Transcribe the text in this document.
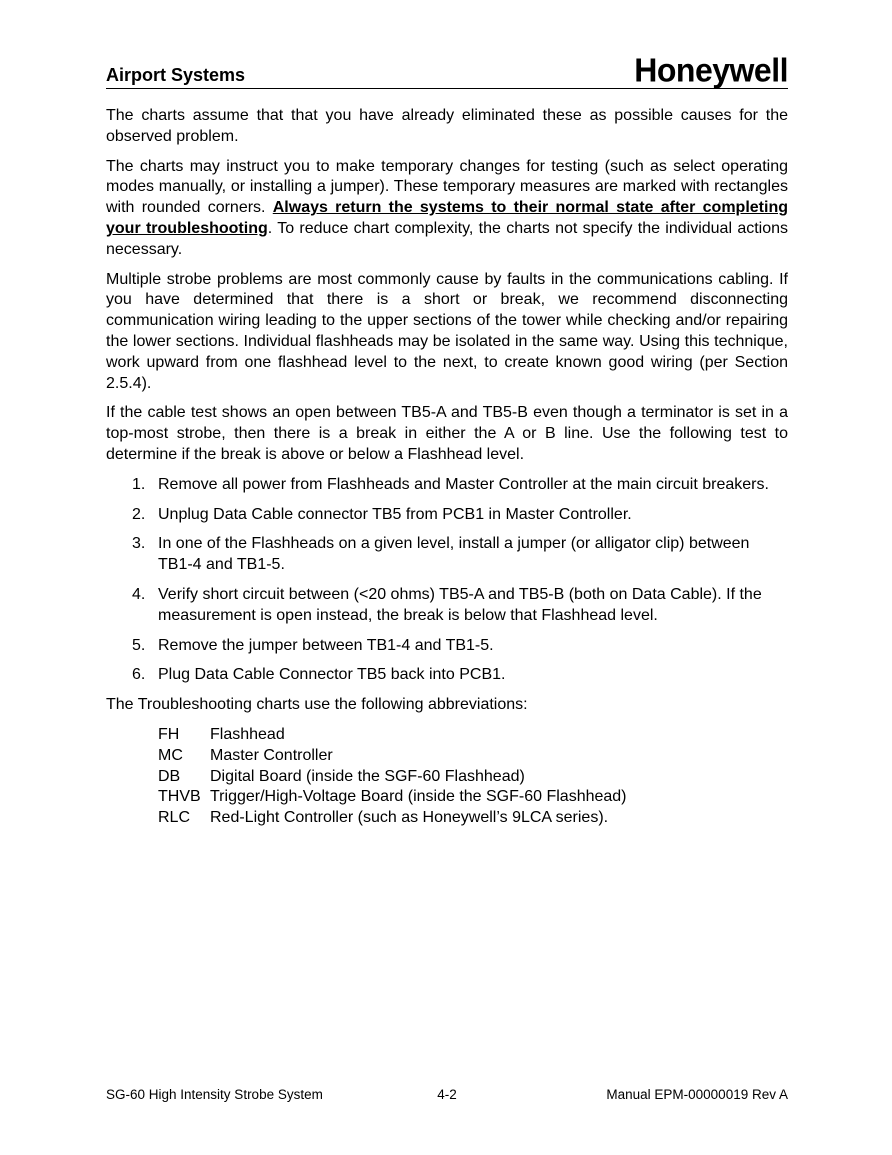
Airport Systems	Honeywell

The charts assume that that you have already eliminated these as possible causes for the observed problem.

The charts may instruct you to make temporary changes for testing (such as select operating modes manually, or installing a jumper). These temporary measures are marked with rectangles with rounded corners. Always return the systems to their normal state after completing your troubleshooting. To reduce chart complexity, the charts not specify the individual actions necessary.

Multiple strobe problems are most commonly cause by faults in the communications cabling. If you have determined that there is a short or break, we recommend disconnecting communication wiring leading to the upper sections of the tower while checking and/or repairing the lower sections. Individual flashheads may be isolated in the same way. Using this technique, work upward from one flashhead level to the next, to create known good wiring (per Section 2.5.4).

If the cable test shows an open between TB5-A and TB5-B even though a terminator is set in a top-most strobe, then there is a break in either the A or B line. Use the following test to determine if the break is above or below a Flashhead level.

1. Remove all power from Flashheads and Master Controller at the main circuit breakers.
2. Unplug Data Cable connector TB5 from PCB1 in Master Controller.
3. In one of the Flashheads on a given level, install a jumper (or alligator clip) between TB1-4 and TB1-5.
4. Verify short circuit between (<20 ohms) TB5-A and TB5-B (both on Data Cable). If the measurement is open instead, the break is below that Flashhead level.
5. Remove the jumper between TB1-4 and TB1-5.
6. Plug Data Cable Connector TB5 back into PCB1.

The Troubleshooting charts use the following abbreviations:

FH	Flashhead
MC	Master Controller
DB	Digital Board (inside the SGF-60 Flashhead)
THVB	Trigger/High-Voltage Board (inside the SGF-60 Flashhead)
RLC	Red-Light Controller (such as Honeywell’s 9LCA series).
SG-60 High Intensity Strobe System	4-2	Manual EPM-00000019 Rev A
